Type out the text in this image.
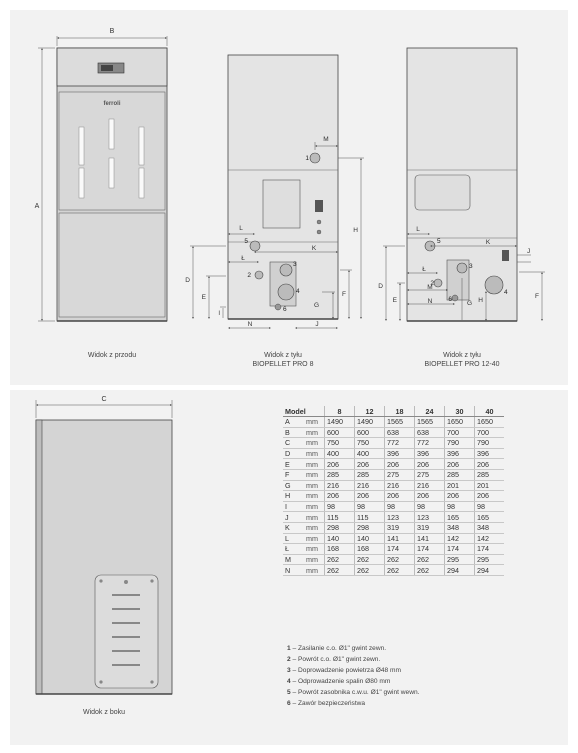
ferroli
B
A
1
2
3
4
5
6
M
H
K
L
Ł
D
E
I
F
G
N	J
5
2
3
4
6
L
K
J
Ł
M
N	H
G
D
E
F
C
Widok z przodu	Widok z tyłu
BIOPELLET PRO 8
Widok z tyłu
BIOPELLET PRO 12-40
Widok z boku
Model		8	12	18	24	30	40
A	mm	1490	1490	1565	1565	1650	1650
B	mm	600	600	638	638	700	700
C	mm	750	750	772	772	790	790
D	mm	400	400	396	396	396	396
E	mm	206	206	206	206	206	206
F	mm	285	285	275	275	285	285
G	mm	216	216	216	216	201	201
H	mm	206	206	206	206	206	206
I	mm	98	98	98	98	98	98
J	mm	115	115	123	123	165	165
K	mm	298	298	319	319	348	348
L	mm	140	140	141	141	142	142
Ł	mm	168	168	174	174	174	174
M	mm	262	262	262	262	295	295
N	mm	262	262	262	262	294	294
1 – Zasilanie c.o. Ø1" gwint zewn.
2 – Powrót c.o. Ø1" gwint zewn.
3 – Doprowadzenie powietrza Ø48 mm
4 – Odprowadzenie spalin Ø80 mm
5 – Powrót zasobnika c.w.u. Ø1" gwint wewn.
6 – Zawór bezpieczeństwa
